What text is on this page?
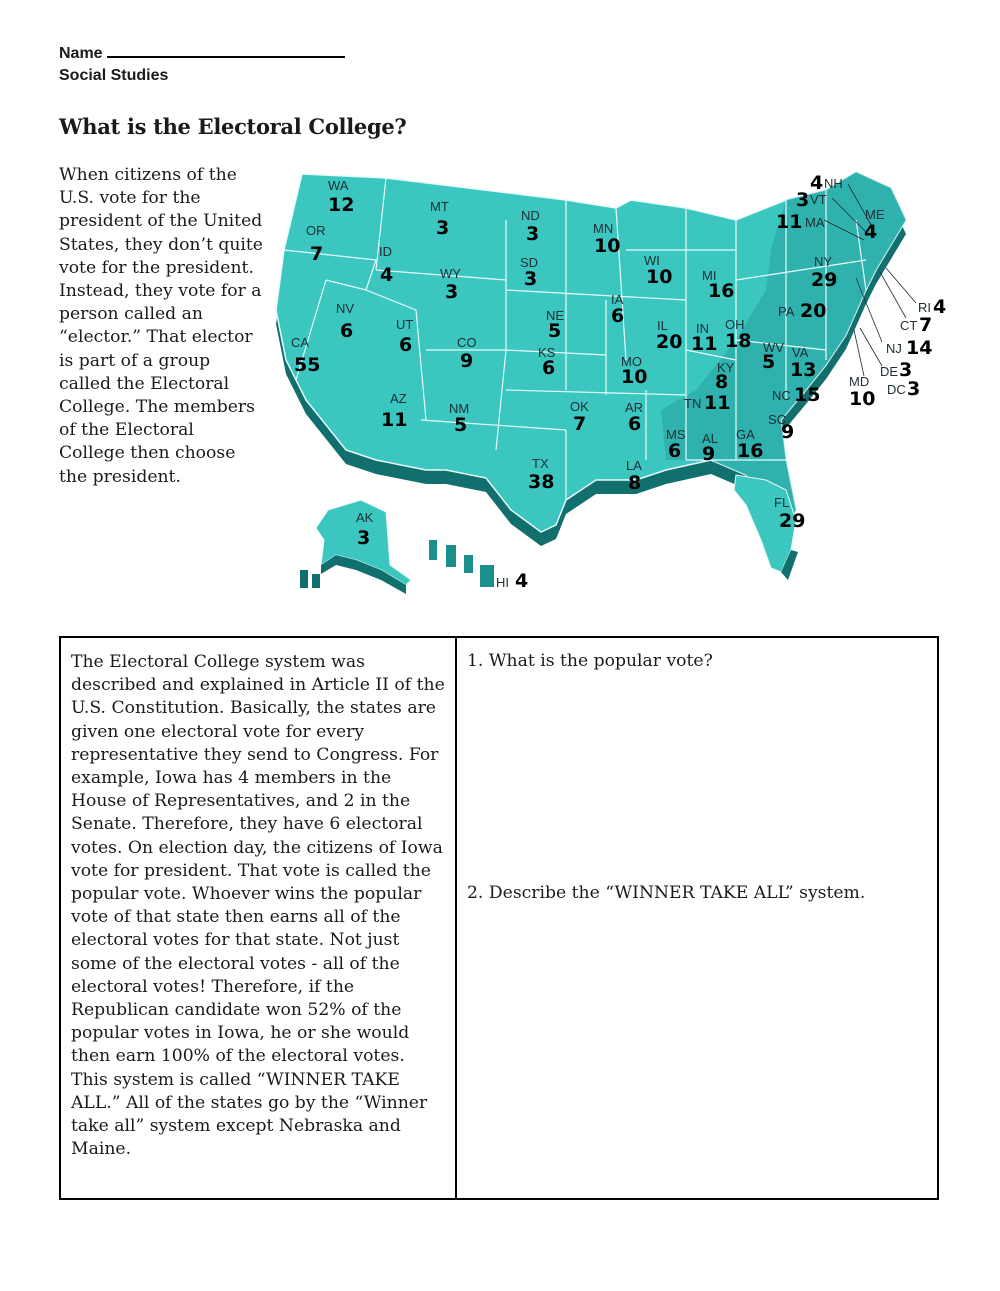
Name
Social Studies
What is the Electoral College?
When citizens of the U.S. vote for the president of the United States, they don’t quite vote for the president. Instead, they vote for a person called an “elector.” That elector is part of a group called the Electoral College. The members of the Electoral College then choose the president.
WA
12
OR
7
CA
55
ID
4
NV
6
MT
3
WY
3
UT
6
AZ
11
CO
9
NM
5
ND
3
SD
3
NE
5
KS
6
OK
7
TX
38
MN
10
IA
6
MO
10
AR
6
LA
8
WI
10
IL
20
MI
16
IN
11
OH
18
KY
8
TN 11
MS
6
AL
9
GA
16
FL
29
SC
9
NC 15
VA
13
WV
5
PA 20
NY
29
ME
4
4 NH
3 VT
11 MA
RI 4
CT 7
NJ 14
DE 3
MD
10 DC 3
AK
3
HI 4
The Electoral College system was described and explained in Article II of the U.S. Constitution. Basically, the states are given one electoral vote for every representative they send to Congress. For example, Iowa has 4 members in the House of Representatives, and 2 in the Senate. Therefore, they have 6 electoral votes. On election day, the citizens of Iowa vote for president. That vote is called the popular vote. Whoever wins the popular vote of that state then earns all of the electoral votes for that state. Not just some of the electoral votes - all of the electoral votes! Therefore, if the Republican candidate won 52% of the popular votes in Iowa, he or she would then earn 100% of the electoral votes. This system is called “WINNER TAKE ALL.” All of the states go by the “Winner take all” system except Nebraska and Maine.
1. What is the popular vote?
2. Describe the “WINNER TAKE ALL” system.
